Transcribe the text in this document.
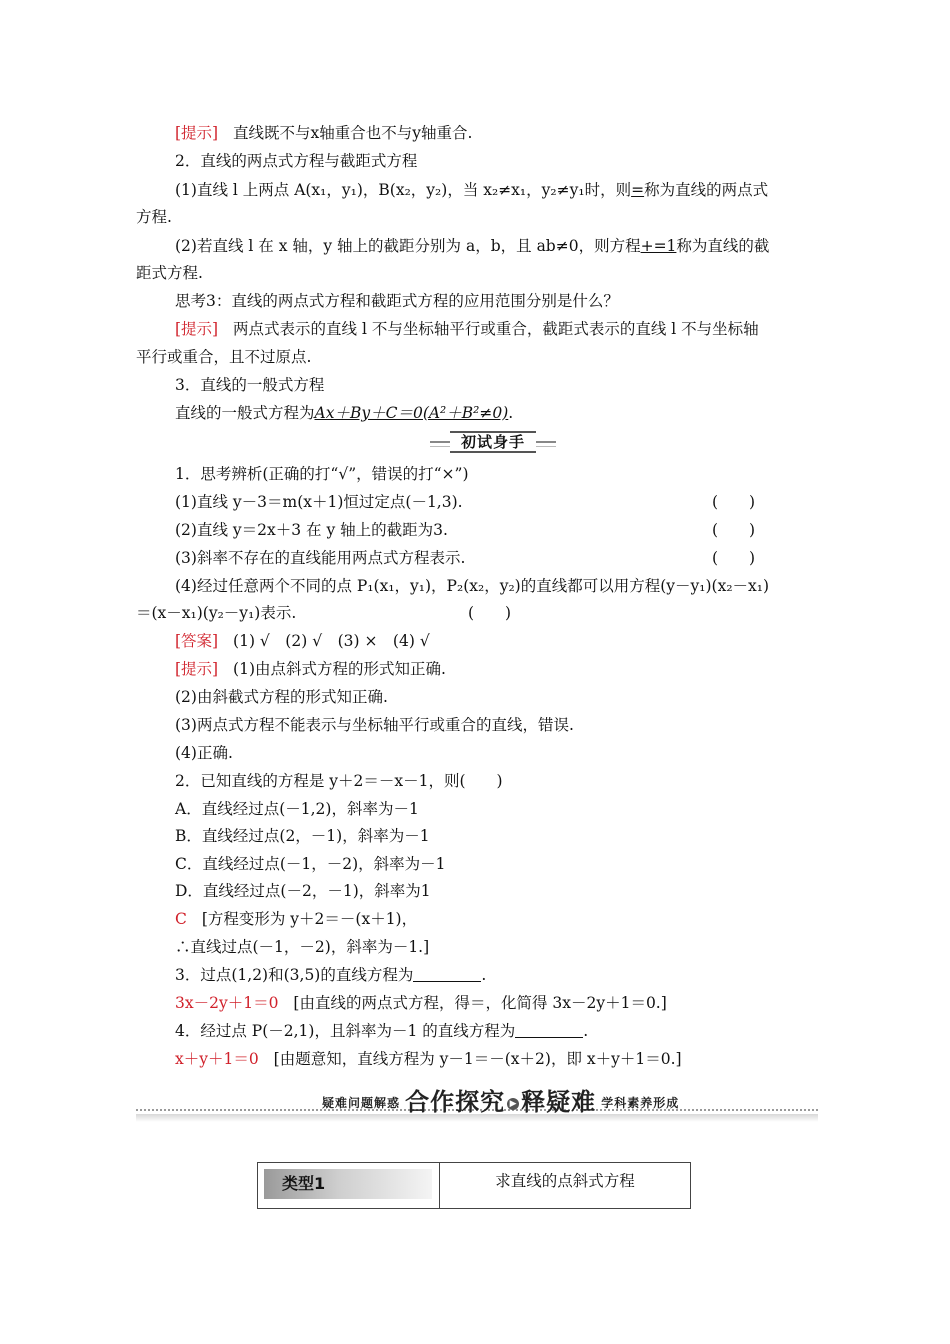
[提示] 直线既不与x轴重合也不与y轴重合.
2．直线的两点式方程与截距式方程
(1)直线 l 上两点 A(x₁，y₁)，B(x₂，y₂)，当 x₂≠x₁，y₂≠y₁时，则=称为直线的两点式
方程.
(2)若直线 l 在 x 轴，y 轴上的截距分别为 a，b，且 ab≠0，则方程+=1称为直线的截
距式方程.
思考3：直线的两点式方程和截距式方程的应用范围分别是什么？
[提示] 两点式表示的直线 l 不与坐标轴平行或重合，截距式表示的直线 l 不与坐标轴
平行或重合，且不过原点.
3．直线的一般式方程
直线的一般式方程为Ax＋By＋C＝0(A²＋B²≠0).
初试身手
1．思考辨析(正确的打“√”，错误的打“×”)
(1)直线 y－3＝m(x＋1)恒过定点(－1,3).	(　　)
(2)直线 y＝2x＋3 在 y 轴上的截距为3.	(　　)
(3)斜率不存在的直线能用两点式方程表示.	(　　)
(4)经过任意两个不同的点 P₁(x₁，y₁)，P₂(x₂，y₂)的直线都可以用方程(y－y₁)(x₂－x₁)
＝(x－x₁)(y₂－y₁)表示.	(　　)
[答案] (1) √　(2) √　(3) ×　(4) √
[提示] (1)由点斜式方程的形式知正确.
(2)由斜截式方程的形式知正确.
(3)两点式方程不能表示与坐标轴平行或重合的直线，错误.
(4)正确.
2．已知直线的方程是 y＋2＝－x－1，则(　　)
A．直线经过点(－1,2)，斜率为－1
B．直线经过点(2，－1)，斜率为－1
C．直线经过点(－1，－2)，斜率为－1
D．直线经过点(－2，－1)，斜率为1
C [方程变形为 y＋2＝－(x＋1)，
∴直线过点(－1，－2)，斜率为－1.]
3．过点(1,2)和(3,5)的直线方程为	.
3x－2y＋1＝0 [由直线的两点式方程，得＝，化简得 3x－2y＋1＝0.]
4．经过点 P(－2,1)，且斜率为－1 的直线方程为	.
x＋y＋1＝0 [由题意知，直线方程为 y－1＝－(x＋2)，即 x＋y＋1＝0.]
疑难问题解惑 合作探究 ▶ 释疑难 学科素养形成
类型1	求直线的点斜式方程
